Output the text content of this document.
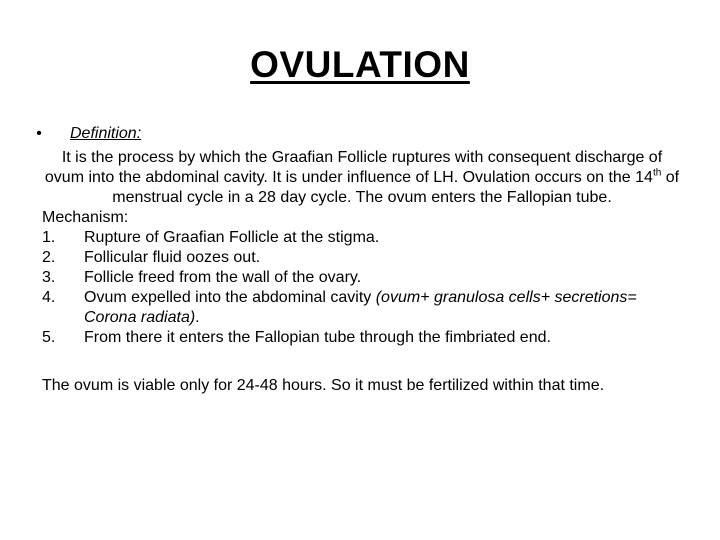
OVULATION
•	Definition:

It is the process by which the Graafian Follicle ruptures with consequent discharge of ovum into the abdominal cavity. It is under influence of LH. Ovulation occurs on the 14th of menstrual cycle in a 28 day cycle. The ovum enters the Fallopian tube.

Mechanism:
1.	Rupture of Graafian Follicle at the stigma.
2.	Follicular fluid oozes out.
3.	Follicle freed from the wall of the ovary.
4.	Ovum expelled into the abdominal cavity (ovum+ granulosa cells+ secretions= Corona radiata).
5.	From there it enters the Fallopian tube through the fimbriated end.

The ovum is viable only for 24-48 hours. So it must be fertilized within that time.
